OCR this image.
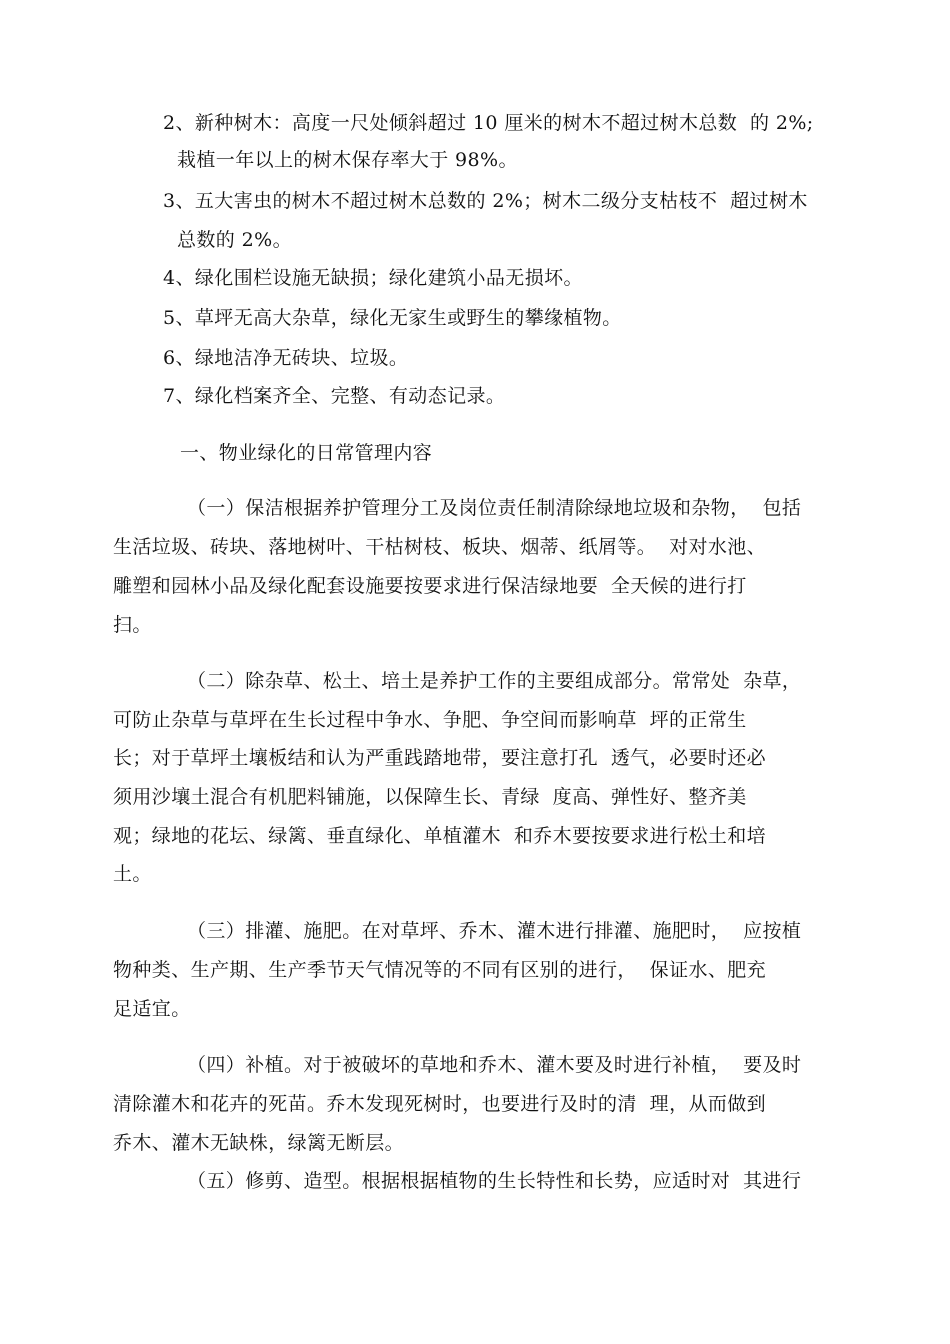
2、新种树木：高度一尺处倾斜超过 10 厘米的树木不超过树木总数  的 2%;
栽植一年以上的树木保存率大于 98%。
3、五大害虫的树木不超过树木总数的 2%；树木二级分支枯枝不  超过树木
总数的 2%。
4、绿化围栏设施无缺损；绿化建筑小品无损坏。
5、草坪无高大杂草，绿化无家生或野生的攀缘植物。
6、绿地洁净无砖块、垃圾。
7、绿化档案齐全、完整、有动态记录。
一、物业绿化的日常管理内容
（一）保洁根据养护管理分工及岗位责任制清除绿地垃圾和杂物，  包括
生活垃圾、砖块、落地树叶、干枯树枝、板块、烟蒂、纸屑等。  对对水池、
雕塑和园林小品及绿化配套设施要按要求进行保洁绿地要  全天候的进行打
扫。
（二）除杂草、松土、培土是养护工作的主要组成部分。常常处  杂草，
可防止杂草与草坪在生长过程中争水、争肥、争空间而影响草  坪的正常生
长；对于草坪土壤板结和认为严重践踏地带，要注意打孔  透气，必要时还必
须用沙壤土混合有机肥料铺施，以保障生长、青绿  度高、弹性好、整齐美
观；绿地的花坛、绿篱、垂直绿化、单植灌木  和乔木要按要求进行松土和培
土。
（三）排灌、施肥。在对草坪、乔木、灌木进行排灌、施肥时，  应按植
物种类、生产期、生产季节天气情况等的不同有区别的进行，  保证水、肥充
足适宜。
（四）补植。对于被破坏的草地和乔木、灌木要及时进行补植，  要及时
清除灌木和花卉的死苗。乔木发现死树时，也要进行及时的清  理，从而做到
乔木、灌木无缺株，绿篱无断层。
（五）修剪、造型。根据根据植物的生长特性和长势，应适时对  其进行
